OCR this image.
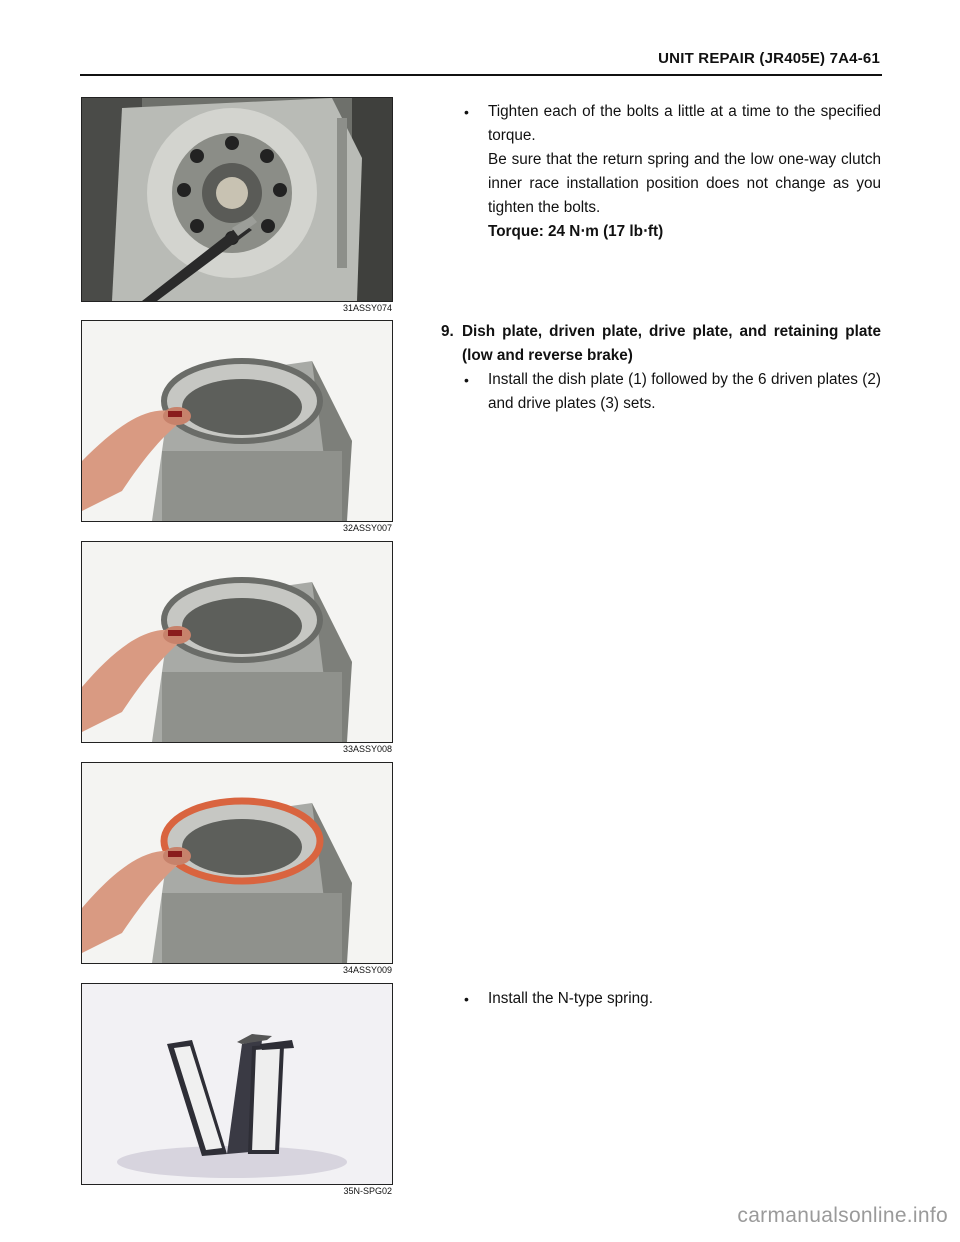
UNIT REPAIR (JR405E) 7A4-61
31ASSY074
32ASSY007
33ASSY008
34ASSY009
35N-SPG02
• Tighten each of the bolts a little at a time to the specified torque.

Be sure that the return spring and the low one-way clutch inner race installation position does not change as you tighten the bolts.

Torque: 24 N⋅m (17 lb⋅ft)

9. Dish plate, driven plate, drive plate, and retaining plate (low and reverse brake)

• Install the dish plate (1) followed by the 6 driven plates (2) and drive plates (3) sets.

• Install the N-type spring.

carmanualsonline.info
